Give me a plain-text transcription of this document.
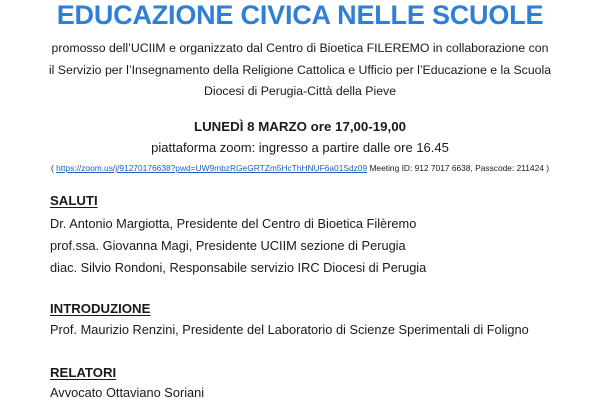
EDUCAZIONE CIVICA NELLE SCUOLE
promosso dell’UCIIM e organizzato dal Centro di Bioetica FILEREMO in collaborazione con
il Servizio per l’Insegnamento della Religione Cattolica e Ufficio per l’Educazione e la Scuola
Diocesi di Perugia-Città della Pieve
LUNEDÌ 8 MARZO ore 17,00-19,00
piattaforma zoom: ingresso a partire dalle ore 16.45
( https://zoom.us/j/91270176638?pwd=UW9mbzRGeGRTZm5HcThHNUF6a01Sdz09 Meeting ID: 912 7017 6638, Passcode: 211424 )
SALUTI
Dr. Antonio Margiotta, Presidente del Centro di Bioetica Filèremo
prof.ssa. Giovanna Magi, Presidente UCIIM sezione di Perugia
diac. Silvio Rondoni, Responsabile servizio IRC Diocesi di Perugia
INTRODUZIONE
Prof. Maurizio Renzini, Presidente del Laboratorio di Scienze Sperimentali di Foligno
RELATORI
Avvocato Ottaviano Soriani
